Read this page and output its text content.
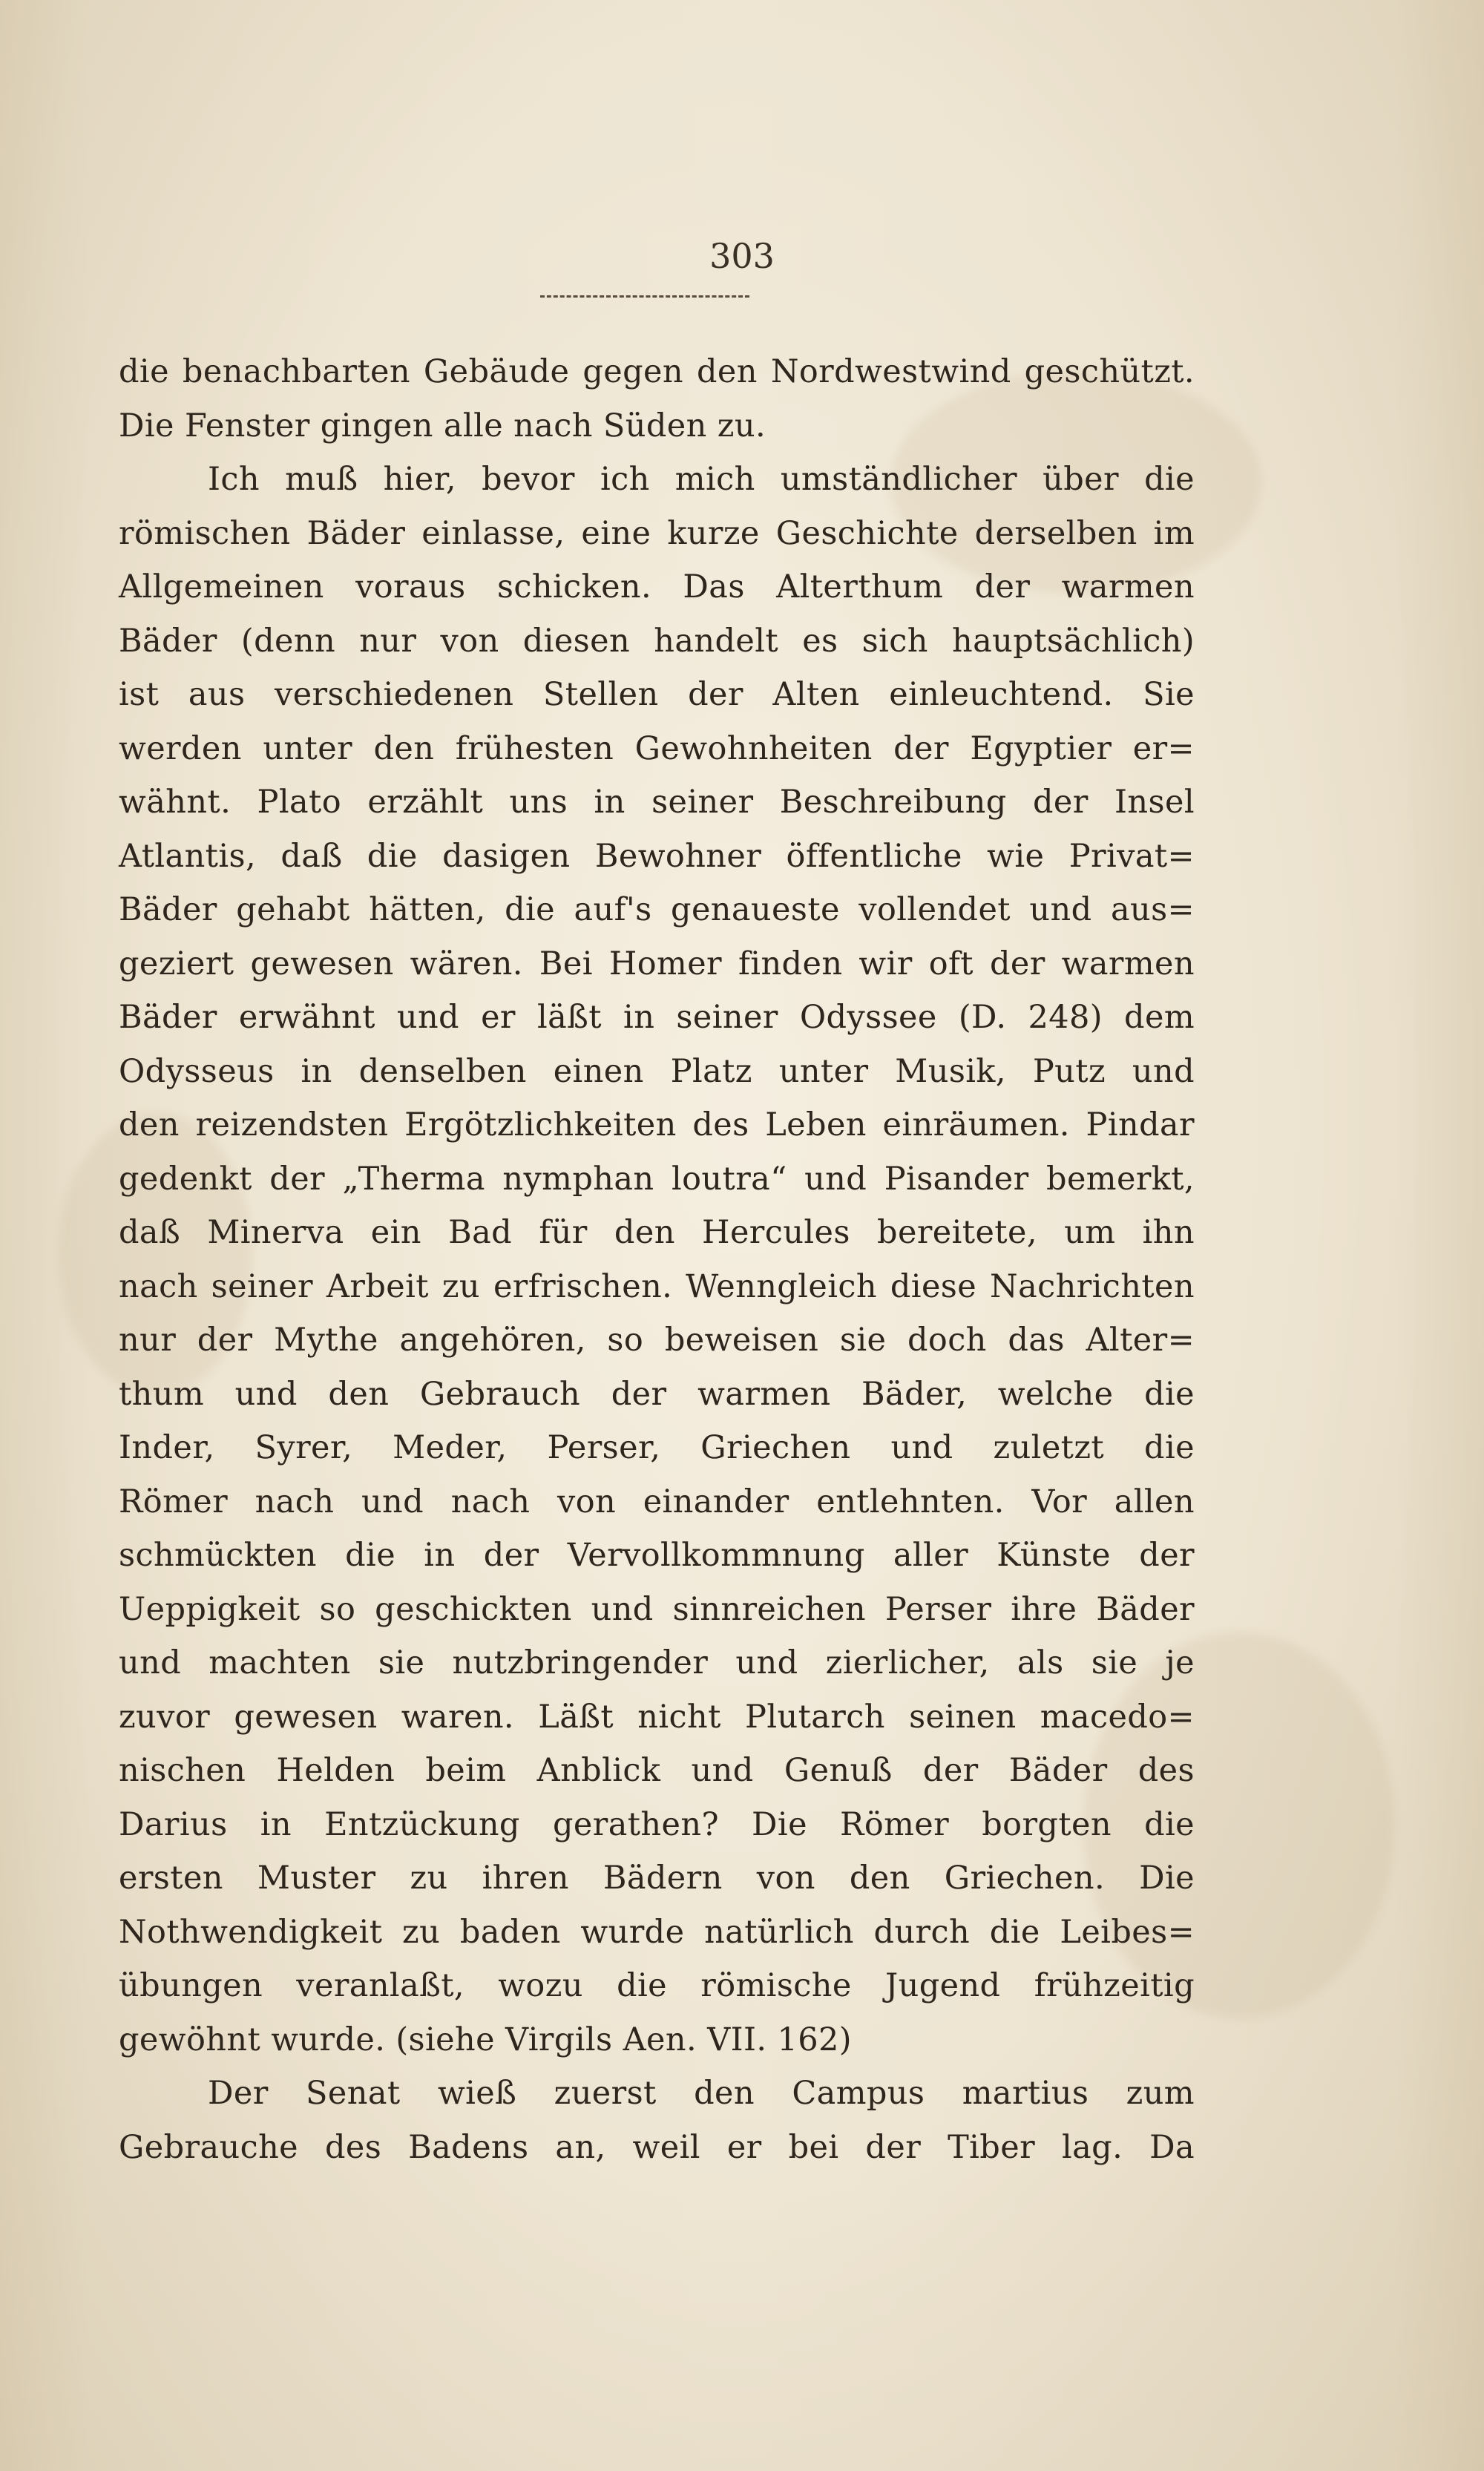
303
die benachbarten Gebäude gegen den Nordwestwind geschützt.
Die Fenster gingen alle nach Süden zu.
Ich muß hier, bevor ich mich umständlicher über die
römischen Bäder einlasse, eine kurze Geschichte derselben im
Allgemeinen voraus schicken. Das Alterthum der warmen
Bäder (denn nur von diesen handelt es sich hauptsächlich)
ist aus verschiedenen Stellen der Alten einleuchtend. Sie
werden unter den frühesten Gewohnheiten der Egyptier er=
wähnt. Plato erzählt uns in seiner Beschreibung der Insel
Atlantis, daß die dasigen Bewohner öffentliche wie Privat=
Bäder gehabt hätten, die auf's genaueste vollendet und aus=
geziert gewesen wären. Bei Homer finden wir oft der warmen
Bäder erwähnt und er läßt in seiner Odyssee (D. 248) dem
Odysseus in denselben einen Platz unter Musik, Putz und
den reizendsten Ergötzlichkeiten des Leben einräumen. Pindar
gedenkt der „Therma nymphan loutra“ und Pisander bemerkt,
daß Minerva ein Bad für den Hercules bereitete, um ihn
nach seiner Arbeit zu erfrischen. Wenngleich diese Nachrichten
nur der Mythe angehören, so beweisen sie doch das Alter=
thum und den Gebrauch der warmen Bäder, welche die
Inder, Syrer, Meder, Perser, Griechen und zuletzt die
Römer nach und nach von einander entlehnten. Vor allen
schmückten die in der Vervollkommnung aller Künste der
Ueppigkeit so geschickten und sinnreichen Perser ihre Bäder
und machten sie nutzbringender und zierlicher, als sie je
zuvor gewesen waren. Läßt nicht Plutarch seinen macedo=
nischen Helden beim Anblick und Genuß der Bäder des
Darius in Entzückung gerathen? Die Römer borgten die
ersten Muster zu ihren Bädern von den Griechen. Die
Nothwendigkeit zu baden wurde natürlich durch die Leibes=
übungen veranlaßt, wozu die römische Jugend frühzeitig
gewöhnt wurde. (siehe Virgils Aen. VII. 162)
Der Senat wieß zuerst den Campus martius zum
Gebrauche des Badens an, weil er bei der Tiber lag. Da
